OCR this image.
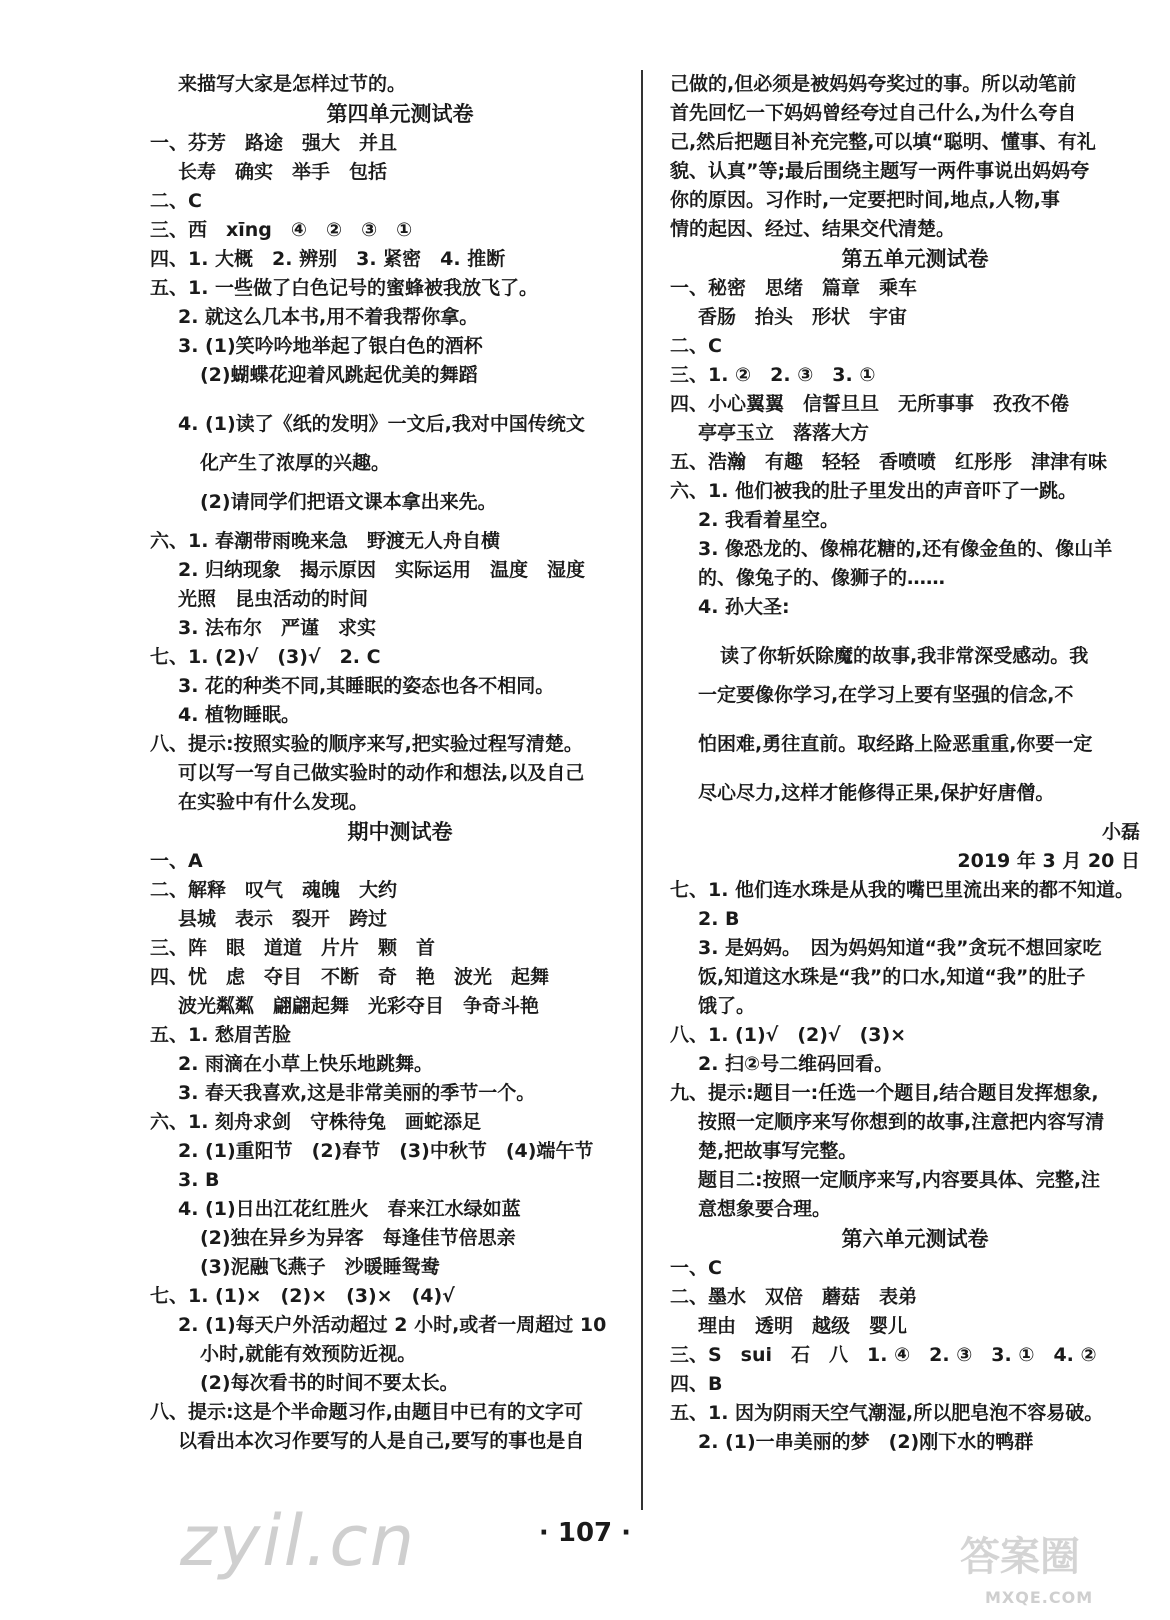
来描写大家是怎样过节的。
第四单元测试卷
一、芬芳　路途　强大　并且
长寿　确实　举手　包括
二、C
三、西　xīng　④　②　③　①
四、1. 大概　2. 辨别　3. 紧密　4. 推断
五、1. 一些做了白色记号的蜜蜂被我放飞了。
2. 就这么几本书,用不着我帮你拿。
3. (1)笑吟吟地举起了银白色的酒杯
(2)蝴蝶花迎着风跳起优美的舞蹈
4. (1)读了《纸的发明》一文后,我对中国传统文
化产生了浓厚的兴趣。
(2)请同学们把语文课本拿出来先。
六、1. 春潮带雨晚来急　野渡无人舟自横
2. 归纳现象　揭示原因　实际运用　温度　湿度
光照　昆虫活动的时间
3. 法布尔　严谨　求实
七、1. (2)√　(3)√　2. C
3. 花的种类不同,其睡眠的姿态也各不相同。
4. 植物睡眠。
八、提示:按照实验的顺序来写,把实验过程写清楚。
可以写一写自己做实验时的动作和想法,以及自己
在实验中有什么发现。
期中测试卷
一、A
二、解释　叹气　魂魄　大约
县城　表示　裂开　跨过
三、阵　眼　道道　片片　颗　首
四、忧　虑　夺目　不断　奇　艳　波光　起舞
波光粼粼　翩翩起舞　光彩夺目　争奇斗艳
五、1. 愁眉苦脸
2. 雨滴在小草上快乐地跳舞。
3. 春天我喜欢,这是非常美丽的季节一个。
六、1. 刻舟求剑　守株待兔　画蛇添足
2. (1)重阳节　(2)春节　(3)中秋节　(4)端午节
3. B
4. (1)日出江花红胜火　春来江水绿如蓝
(2)独在异乡为异客　每逢佳节倍思亲
(3)泥融飞燕子　沙暖睡鸳鸯
七、1. (1)×　(2)×　(3)×　(4)√
2. (1)每天户外活动超过 2 小时,或者一周超过 10
小时,就能有效预防近视。
(2)每次看书的时间不要太长。
八、提示:这是个半命题习作,由题目中已有的文字可
以看出本次习作要写的人是自己,要写的事也是自
己做的,但必须是被妈妈夸奖过的事。所以动笔前
首先回忆一下妈妈曾经夸过自己什么,为什么夸自
己,然后把题目补充完整,可以填“聪明、懂事、有礼
貌、认真”等;最后围绕主题写一两件事说出妈妈夸
你的原因。习作时,一定要把时间,地点,人物,事
情的起因、经过、结果交代清楚。
第五单元测试卷
一、秘密　思绪　篇章　乘车
香肠　抬头　形状　宇宙
二、C
三、1. ②　2. ③　3. ①
四、小心翼翼　信誓旦旦　无所事事　孜孜不倦
亭亭玉立　落落大方
五、浩瀚　有趣　轻轻　香喷喷　红彤彤　津津有味
六、1. 他们被我的肚子里发出的声音吓了一跳。
2. 我看着星空。
3. 像恐龙的、像棉花糖的,还有像金鱼的、像山羊
的、像兔子的、像狮子的……
4. 孙大圣:
读了你斩妖除魔的故事,我非常深受感动。我
一定要像你学习,在学习上要有坚强的信念,不
怕困难,勇往直前。取经路上险恶重重,你要一定
尽心尽力,这样才能修得正果,保护好唐僧。
小磊
2019 年 3 月 20 日
七、1. 他们连水珠是从我的嘴巴里流出来的都不知道。
2. B
3. 是妈妈。　因为妈妈知道“我”贪玩不想回家吃
饭,知道这水珠是“我”的口水,知道“我”的肚子
饿了。
八、1. (1)√　(2)√　(3)×
2. 扫②号二维码回看。
九、提示:题目一:任选一个题目,结合题目发挥想象,
按照一定顺序来写你想到的故事,注意把内容写清
楚,把故事写完整。
题目二:按照一定顺序来写,内容要具体、完整,注
意想象要合理。
第六单元测试卷
一、C
二、墨水　双倍　蘑菇　表弟
理由　透明　越级　婴儿
三、S　sui　石　八　1. ④　2. ③　3. ①　4. ②
四、B
五、1. 因为阴雨天空气潮湿,所以肥皂泡不容易破。
2. (1)一串美丽的梦　(2)刚下水的鸭群
· 107 ·
zyil.cn	答案圈
MXQE.COM
